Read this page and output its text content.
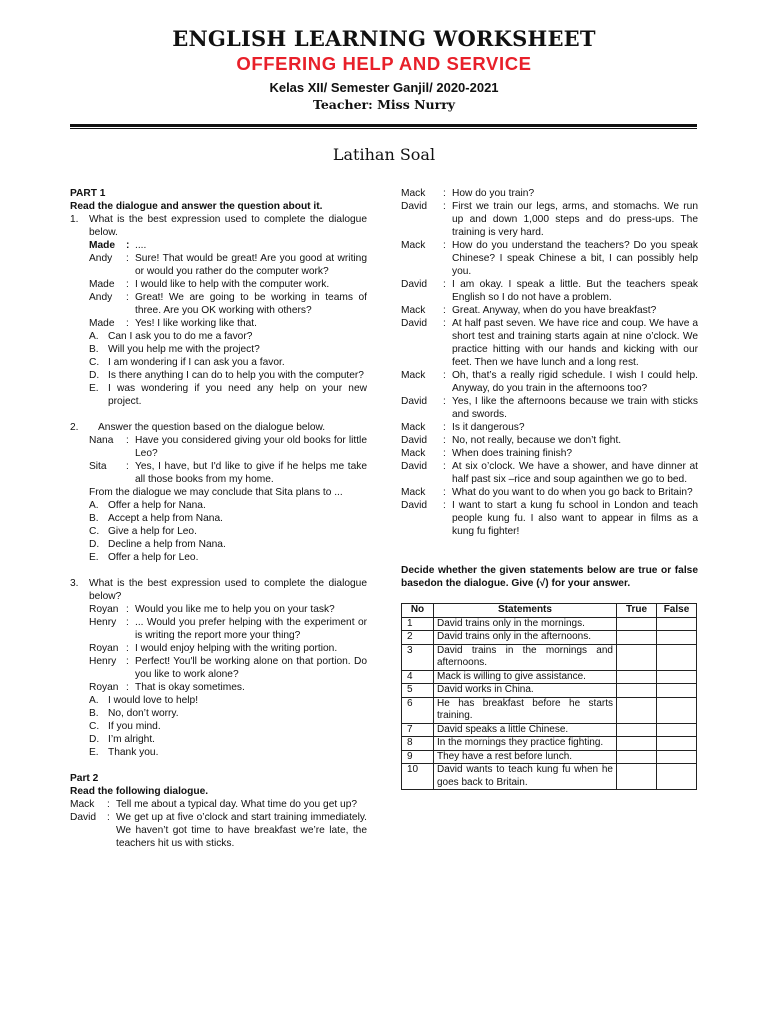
ENGLISH LEARNING WORKSHEET
OFFERING HELP AND SERVICE
Kelas XII/ Semester Ganjil/ 2020-2021
Teacher: Miss Nurry
Latihan Soal
PART 1
Read the dialogue and answer the question about it.
1.	What is the best expression used to complete the dialogue below.
Made	: ....
Andy	: Sure! That would be great! Are you good at writing or would you rather do the computer work?
Made	: I would like to help with the computer work.
Andy	: Great! We are going to be working in teams of three. Are you OK working with others?
Made	: Yes! I like working like that.
A. Can I ask you to do me a favor?
B. Will you help me with the project?
C. I am wondering if I can ask you a favor.
D. Is there anything I can do to help you with the computer?
E. I was wondering if you need any help on your new project.
2.	Answer the question based on the dialogue below.
Nana	: Have you considered giving your old books for little Leo?
Sita	: Yes, I have, but I'd like to give if he helps me take all those books from my home.
From the dialogue we may conclude that Sita plans to ...
A. Offer a help for Nana.
B. Accept a help from Nana.
C. Give a help for Leo.
D. Decline a help from Nana.
E. Offer a help for Leo.
3.	What is the best expression used to complete the dialogue below?
Royan : Would you like me to help you on your task?
Henry : ... Would you prefer helping with the experiment or is writing the report more your thing?
Royan : I would enjoy helping with the writing portion.
Henry : Perfect! You'll be working alone on that portion. Do you like to work alone?
Royan : That is okay sometimes.
A. I would love to help!
B. No, don’t worry.
C. If you mind.
D. I’m alright.
E. Thank you.
Part 2
Read the following dialogue.
Mack	: Tell me about a typical day. What time do you get up?
David	: We get up at five o’clock and start training immediately. We haven’t got time to have breakfast we’re late, the teachers hit us with sticks.
Mack	: How do you train?
David	: First we train our legs, arms, and stomachs. We run up and down 1,000 steps and do press-ups. The training is very hard.
Mack	: How do you understand the teachers? Do you speak Chinese? I speak Chinese a bit, I can possibly help you.
David	: I am okay. I speak a little. But the teachers speak English so I do not have a problem.
Mack	: Great. Anyway, when do you have breakfast?
David	: At half past seven. We have rice and coup. We have a short test and training starts again at nine o’clock. We practice hitting with our hands and kicking with our feet. Then we have lunch and a long rest.
Mack	: Oh, that’s a really rigid schedule. I wish I could help. Anyway, do you train in the afternoons too?
David	: Yes, I like the afternoons because we train with sticks and swords.
Mack	: Is it dangerous?
David	: No, not really, because we don’t fight.
Mack	: When does training finish?
David	: At six o’clock. We have a shower, and have dinner at half past six –rice and soup againthen we go to bed.
Mack	: What do you want to do when you go back to Britain?
David	: I want to start a kung fu school in London and teach people kung fu. I also want to appear in films as a kung fu fighter!
Decide whether the given statements below are true or false basedon the dialogue. Give (√) for your answer.
No	Statements	True	False
1	David trains only in the mornings.		
2	David trains only in the afternoons.		
3	David trains in the mornings and afternoons.		
4	Mack is willing to give assistance.		
5	David works in China.		
6	He has breakfast before he starts training.		
7	David speaks a little Chinese.		
8	In the mornings they practice fighting.		
9	They have a rest before lunch.		
10	David wants to teach kung fu when he goes back to Britain.		
